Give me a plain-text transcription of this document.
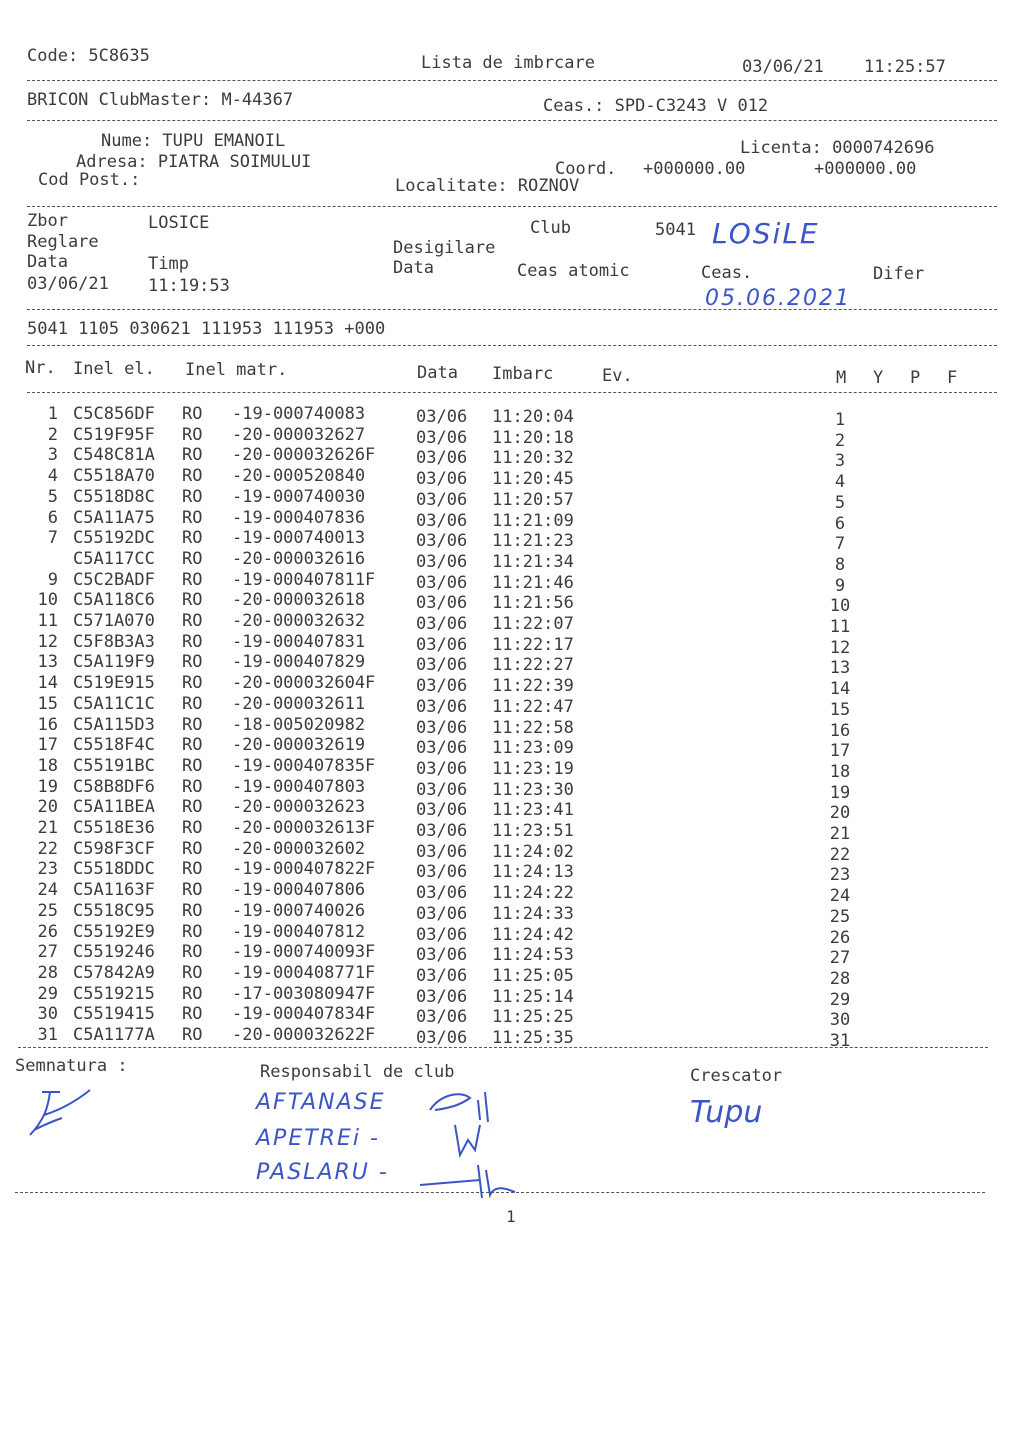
Code: 5C8635	Lista de imbrcare	03/06/21 11:25:57
BRICON ClubMaster: M-44367	Ceas.: SPD-C3243 V 012
Nume: TUPU EMANOIL	Licenta: 0000742696
Adresa: PIATRA SOIMULUI	Coord. +000000.00	+000000.00
Cod Post.:	Localitate: ROZNOV
Zbor	LOSICE	Club	5041 LOSiLE
Reglare	Desigilare
Data	Timp	Data	Ceas atomic	Ceas.	Difer
03/06/21 11:19:53	05.06.2021
5041 1105 030621 111953 111953 +000
Nr. Inel el. Inel matr.	Data Imbarc	Ev.	M Y P F
1 C5C856DF RO -19-000740083	03/06 11:20:04	1
2 C519F95F RO -20-000032627	03/06 11:20:18	2
3 C548C81A RO -20-000032626F 03/06 11:20:32	3
4 C5518A70 RO -20-000520840	03/06 11:20:45	4
5 C5518D8C RO -19-000740030	03/06 11:20:57	5
6 C5A11A75 RO -19-000407836	03/06 11:21:09	6
7 C55192DC RO -19-000740013	03/06 11:21:23	7
C5A117CC RO -20-000032616	03/06 11:21:34	8
9 C5C2BADF RO -19-000407811F 03/06 11:21:46	9
10 C5A118C6 RO -20-000032618	03/06 11:21:56	10
11 C571A070 RO -20-000032632	03/06 11:22:07	11
12 C5F8B3A3 RO -19-000407831	03/06 11:22:17	12
13 C5A119F9 RO -19-000407829	03/06 11:22:27	13
14 C519E915 RO -20-000032604F 03/06 11:22:39	14
15 C5A11C1C RO -20-000032611	03/06 11:22:47	15
16 C5A115D3 RO -18-005020982	03/06 11:22:58	16
17 C5518F4C RO -20-000032619	03/06 11:23:09	17
18 C55191BC RO -19-000407835F 03/06 11:23:19	18
19 C58B8DF6 RO -19-000407803	03/06 11:23:30	19
20 C5A11BEA RO -20-000032623	03/06 11:23:41	20
21 C5518E36 RO -20-000032613F 03/06 11:23:51	21
22 C598F3CF RO -20-000032602	03/06 11:24:02	22
23 C5518DDC RO -19-000407822F 03/06 11:24:13	23
24 C5A1163F RO -19-000407806	03/06 11:24:22	24
25 C5518C95 RO -19-000740026	03/06 11:24:33	25
26 C55192E9 RO -19-000407812	03/06 11:24:42	26
27 C5519246 RO -19-000740093F 03/06 11:24:53	27
28 C57842A9 RO -19-000408771F 03/06 11:25:05	28
29 C5519215 RO -17-003080947F 03/06 11:25:14	29
30 C5519415 RO -19-000407834F 03/06 11:25:25	30
31 C5A1177A RO -20-000032622F 03/06 11:25:35	31
Semnatura :	Responsabil de club	Crescator
AFTANASE
APETREi -
PASLARU -
Tupu
1
